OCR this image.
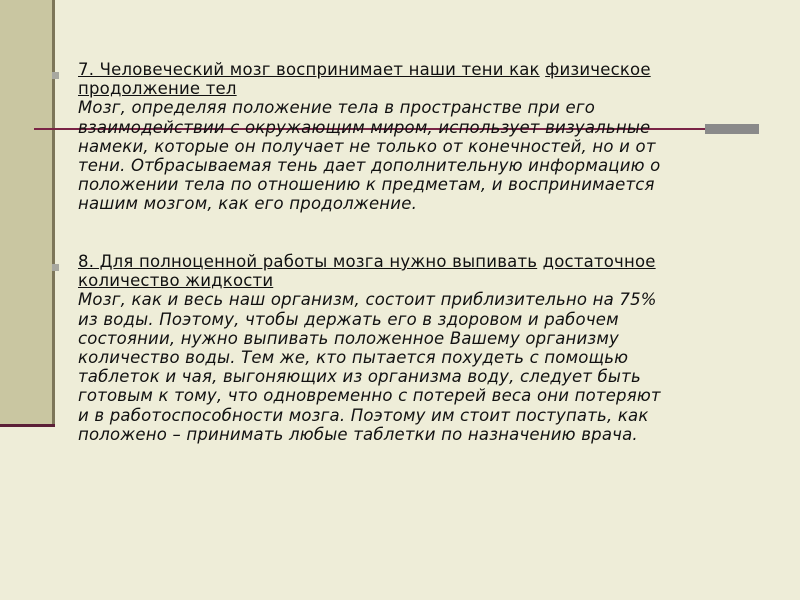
7. Человеческий мозг воспринимает наши тени как физическое продолжение тел
Мозг, определяя положение тела в пространстве при его
взаимодействии с окружающим миром, использует визуальные
намеки, которые он получает не только от конечностей, но и от
тени. Отбрасываемая тень дает дополнительную информацию о
положении тела по отношению к предметам, и воспринимается
нашим мозгом, как его продолжение.
8. Для полноценной работы мозга нужно выпивать достаточное количество жидкости
Мозг, как и весь наш организм, состоит приблизительно на 75%
из воды. Поэтому, чтобы держать его в здоровом и рабочем
состоянии, нужно выпивать положенное Вашему организму
количество воды. Тем же, кто пытается похудеть с помощью
таблеток и чая, выгоняющих из организма воду, следует быть
готовым к тому, что одновременно с потерей веса они потеряют
и в работоспособности мозга. Поэтому им стоит поступать, как
положено – принимать любые таблетки по назначению врача.
